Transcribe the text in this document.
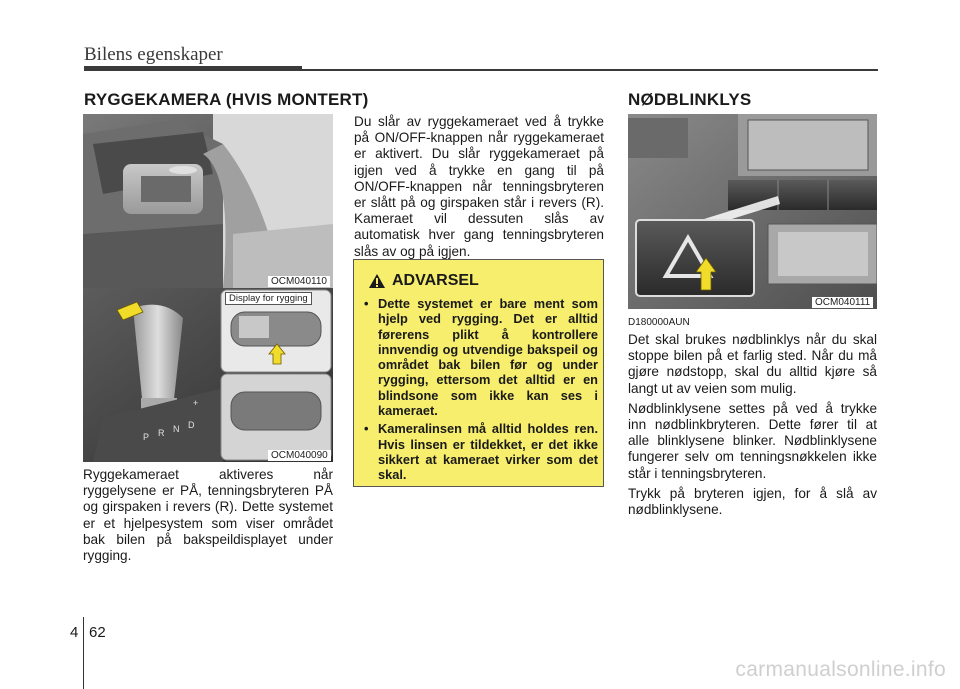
Bilens egenskaper
RYGGEKAMERA (HVIS MONTERT)	NØDBLINKLYS
OCM040110
P R N D
+
Display for rygging
OCM040090
Ryggekameraet aktiveres når ryggelysene er PÅ, tenningsbryteren PÅ og girspaken i revers (R). Dette systemet er et hjelpesystem som viser området bak bilen på bakspeildisplayet under rygging.
Du slår av ryggekameraet ved å trykke på ON/OFF-knappen når ryggekameraet er aktivert. Du slår ryggekameraet på igjen ved å trykke en gang til på ON/OFF-knappen når tenningsbryteren er slått på og girspaken står i revers (R). Kameraet vil dessuten slås av automatisk hver gang tenningsbryteren slås av og på igjen.
ADVARSEL
• Dette systemet er bare ment som hjelp ved rygging. Det er alltid førerens plikt å kontrollere innvendig og utvendige bakspeil og området bak bilen før og under rygging, ettersom det alltid er en blindsone som ikke kan ses i kameraet.
• Kameralinsen må alltid holdes ren. Hvis linsen er tildekket, er det ikke sikkert at kameraet virker som det skal.
OCM040111
D180000AUN

Det skal brukes nødblinklys når du skal stoppe bilen på et farlig sted. Når du må gjøre nødstopp, skal du alltid kjøre så langt ut av veien som mulig.

Nødblinklysene settes på ved å trykke inn nødblinkbryteren. Dette fører til at alle blinklysene blinker. Nødblinklysene fungerer selv om tenningsnøkkelen ikke står i tenningsbryteren.

Trykk på bryteren igjen, for å slå av nødblinklysene.

4 62
carmanualsonline.info
